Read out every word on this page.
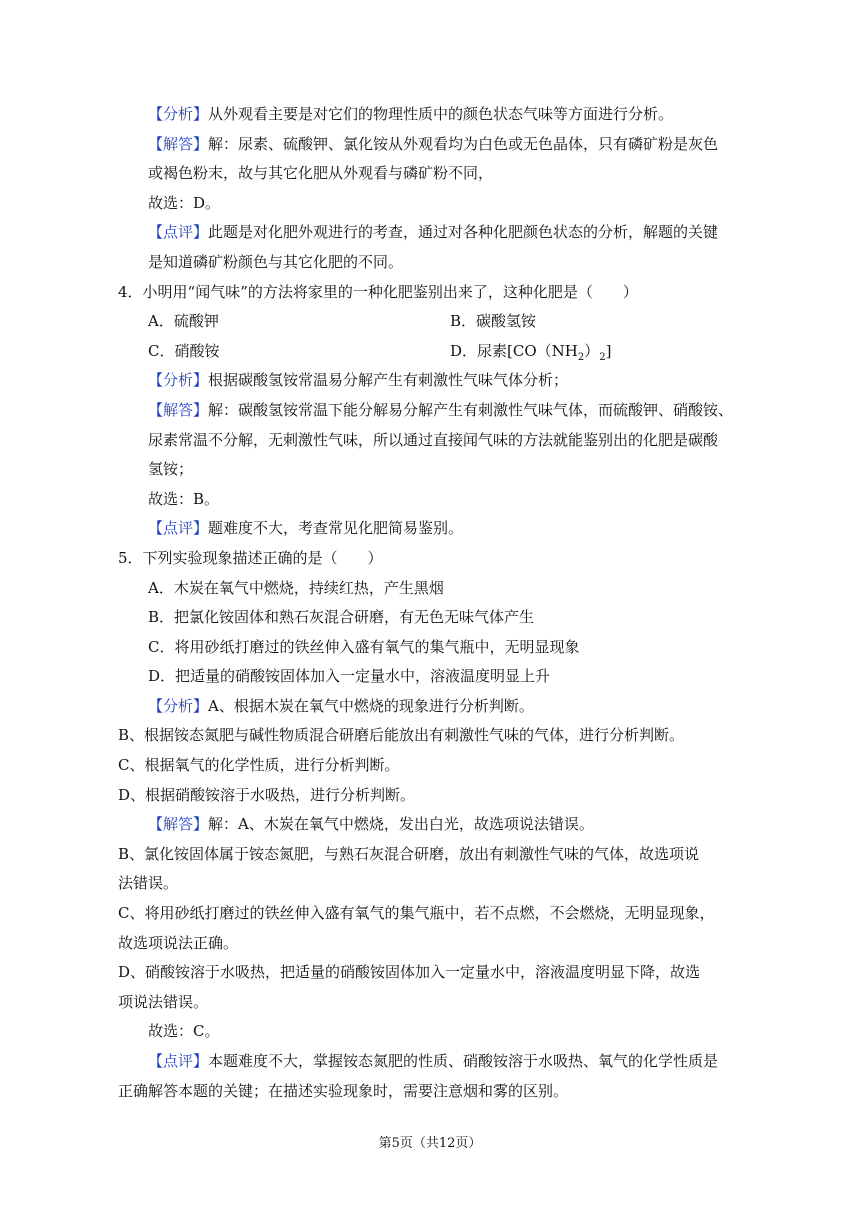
【分析】从外观看主要是对它们的物理性质中的颜色状态气味等方面进行分析。

【解答】解：尿素、硫酸钾、氯化铵从外观看均为白色或无色晶体，只有磷矿粉是灰色

或褐色粉末，故与其它化肥从外观看与磷矿粉不同，

故选：D。

【点评】此题是对化肥外观进行的考查，通过对各种化肥颜色状态的分析，解题的关键

是知道磷矿粉颜色与其它化肥的不同。

4．小明用“闻气味”的方法将家里的一种化肥鉴别出来了，这种化肥是（　　）

A．硫酸钾	B．碳酸氢铵
C．硝酸铵	D．尿素$[CO(NH_2)_2]$

【分析】根据碳酸氢铵常温易分解产生有刺激性气味气体分析；

【解答】解：碳酸氢铵常温下能分解易分解产生有刺激性气味气体，而硫酸钾、硝酸铵、

尿素常温不分解，无刺激性气味，所以通过直接闻气味的方法就能鉴别出的化肥是碳酸

氢铵；

故选：B。

【点评】题难度不大，考查常见化肥简易鉴别。

5．下列实验现象描述正确的是（　　）

A．木炭在氧气中燃烧，持续红热，产生黑烟

B．把氯化铵固体和熟石灰混合研磨，有无色无味气体产生

C．将用砂纸打磨过的铁丝伸入盛有氧气的集气瓶中，无明显现象

D．把适量的硝酸铵固体加入一定量水中，溶液温度明显上升

【分析】A、根据木炭在氧气中燃烧的现象进行分析判断。

B、根据铵态氮肥与碱性物质混合研磨后能放出有刺激性气味的气体，进行分析判断。

C、根据氧气的化学性质，进行分析判断。

D、根据硝酸铵溶于水吸热，进行分析判断。

【解答】解：A、木炭在氧气中燃烧，发出白光，故选项说法错误。

B、氯化铵固体属于铵态氮肥，与熟石灰混合研磨，放出有刺激性气味的气体，故选项说

法错误。

C、将用砂纸打磨过的铁丝伸入盛有氧气的集气瓶中，若不点燃，不会燃烧，无明显现象，

故选项说法正确。

D、硝酸铵溶于水吸热，把适量的硝酸铵固体加入一定量水中，溶液温度明显下降，故选

项说法错误。

故选：C。

【点评】本题难度不大，掌握铵态氮肥的性质、硝酸铵溶于水吸热、氧气的化学性质是

正确解答本题的关键；在描述实验现象时，需要注意烟和雾的区别。

第5页（共12页）
